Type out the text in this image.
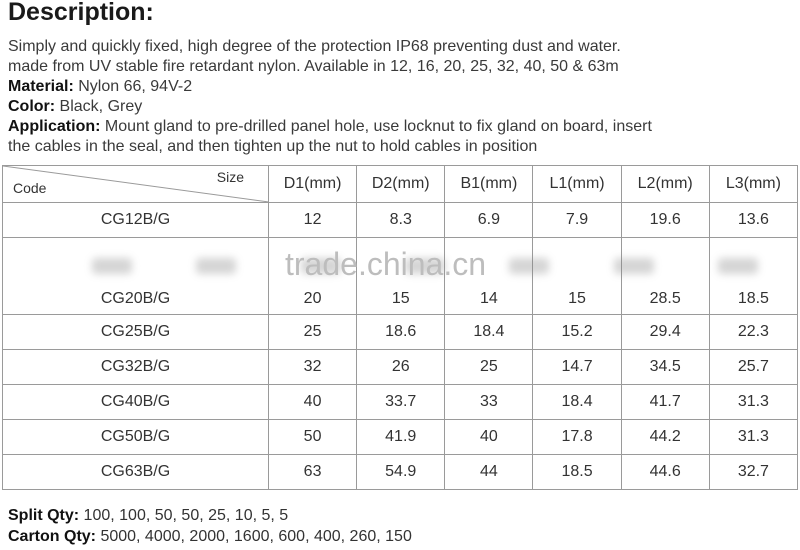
Description:
Simply and quickly fixed, high degree of the protection IP68 preventing dust and water.
made from UV stable fire retardant nylon. Available in 12, 16, 20, 25, 32, 40, 50 & 63m
Material: Nylon 66, 94V-2
Color: Black, Grey
Application: Mount gland to pre-drilled panel hole, use locknut to fix gland on board, insert
the cables in the seal, and then tighten up the nut to hold cables in position
Code
Size	D1(mm)	D2(mm)	B1(mm)	L1(mm)	L2(mm)	L3(mm)
CG12B/G	12	8.3	6.9	7.9	19.6	13.6
CG20B/G	20	15	14	15	28.5	18.5
CG25B/G	25	18.6	18.4	15.2	29.4	22.3
CG32B/G	32	26	25	14.7	34.5	25.7
CG40B/G	40	33.7	33	18.4	41.7	31.3
CG50B/G	50	41.9	40	17.8	44.2	31.3
CG63B/G	63	54.9	44	18.5	44.6	32.7
trade.china.cn
Split Qty: 100, 100, 50, 50, 25, 10, 5, 5
Carton Qty: 5000, 4000, 2000, 1600, 600, 400, 260, 150
